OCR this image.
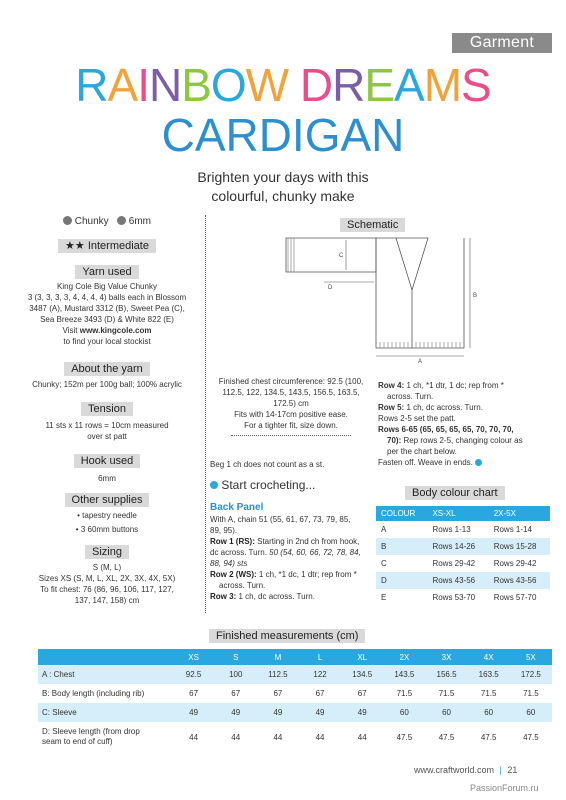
Garment
RAINBOW DREAMS
CARDIGAN
Brighten your days with this
colourful, chunky make
Chunky 6mm
★★ Intermediate
Yarn used
King Cole Big Value Chunky
3 (3, 3, 3, 3, 4, 4, 4, 4) balls each in Blossom
3487 (A), Mustard 3312 (B), Sweet Pea (C),
Sea Breeze 3493 (D) & White 822 (E)
Visit www.kingcole.com
to find your local stockist
About the yarn
Chunky; 152m per 100g ball; 100% acrylic
Tension
11 sts x 11 rows = 10cm measured
over st patt
Hook used
6mm
Other supplies
• tapestry needle
• 3 60mm buttons
Sizing
S (M, L)
Sizes XS (S, M, L, XL, 2X, 3X, 4X, 5X)
To fit chest: 76 (86, 96, 106, 117, 127,
137, 147, 158) cm
Schematic
C
D
B
A
Finished chest circumference: 92.5 (100,
112.5, 122, 134.5, 143.5, 156.5, 163.5,
172.5) cm
Fits with 14-17cm positive ease.
For a tighter fit, size down.
Beg 1 ch does not count as a st.
Start crocheting...
Back Panel
With A, chain 51 (55, 61, 67, 73, 79, 85,
89, 95).
Row 1 (RS): Starting in 2nd ch from hook,
dc across. Turn. 50 (54, 60, 66, 72, 78, 84,
88, 94) sts
Row 2 (WS): 1 ch, *1 dc, 1 dtr; rep from *
across. Turn.
Row 3: 1 ch, dc across. Turn.
Row 4: 1 ch, *1 dtr, 1 dc; rep from *
across. Turn.
Row 5: 1 ch, dc across. Turn.
Rows 2-5 set the patt.
Rows 6-65 (65, 65, 65, 65, 70, 70, 70,
70): Rep rows 2-5, changing colour as
per the chart below.
Fasten off. Weave in ends.
Body colour chart
COLOUR	XS-XL	2X-5X
A	Rows 1-13	Rows 1-14
B	Rows 14-26	Rows 15-28
C	Rows 29-42	Rows 29-42
D	Rows 43-56	Rows 43-56
E	Rows 53-70	Rows 57-70
Finished measurements (cm)
	XS	S	M	L	XL	2X	3X	4X	5X
A : Chest	92.5	100	112.5	122	134.5	143.5	156.5	163.5	172.5
B: Body length (including rib)	67	67	67	67	67	71.5	71.5	71.5	71.5
C: Sleeve	49	49	49	49	49	60	60	60	60

D: Sleeve length (from drop
seam to end of cuff)	44	44	44	44	44	47.5	47.5	47.5	47.5
www.craftworld.com | 21
PassionForum.ru
